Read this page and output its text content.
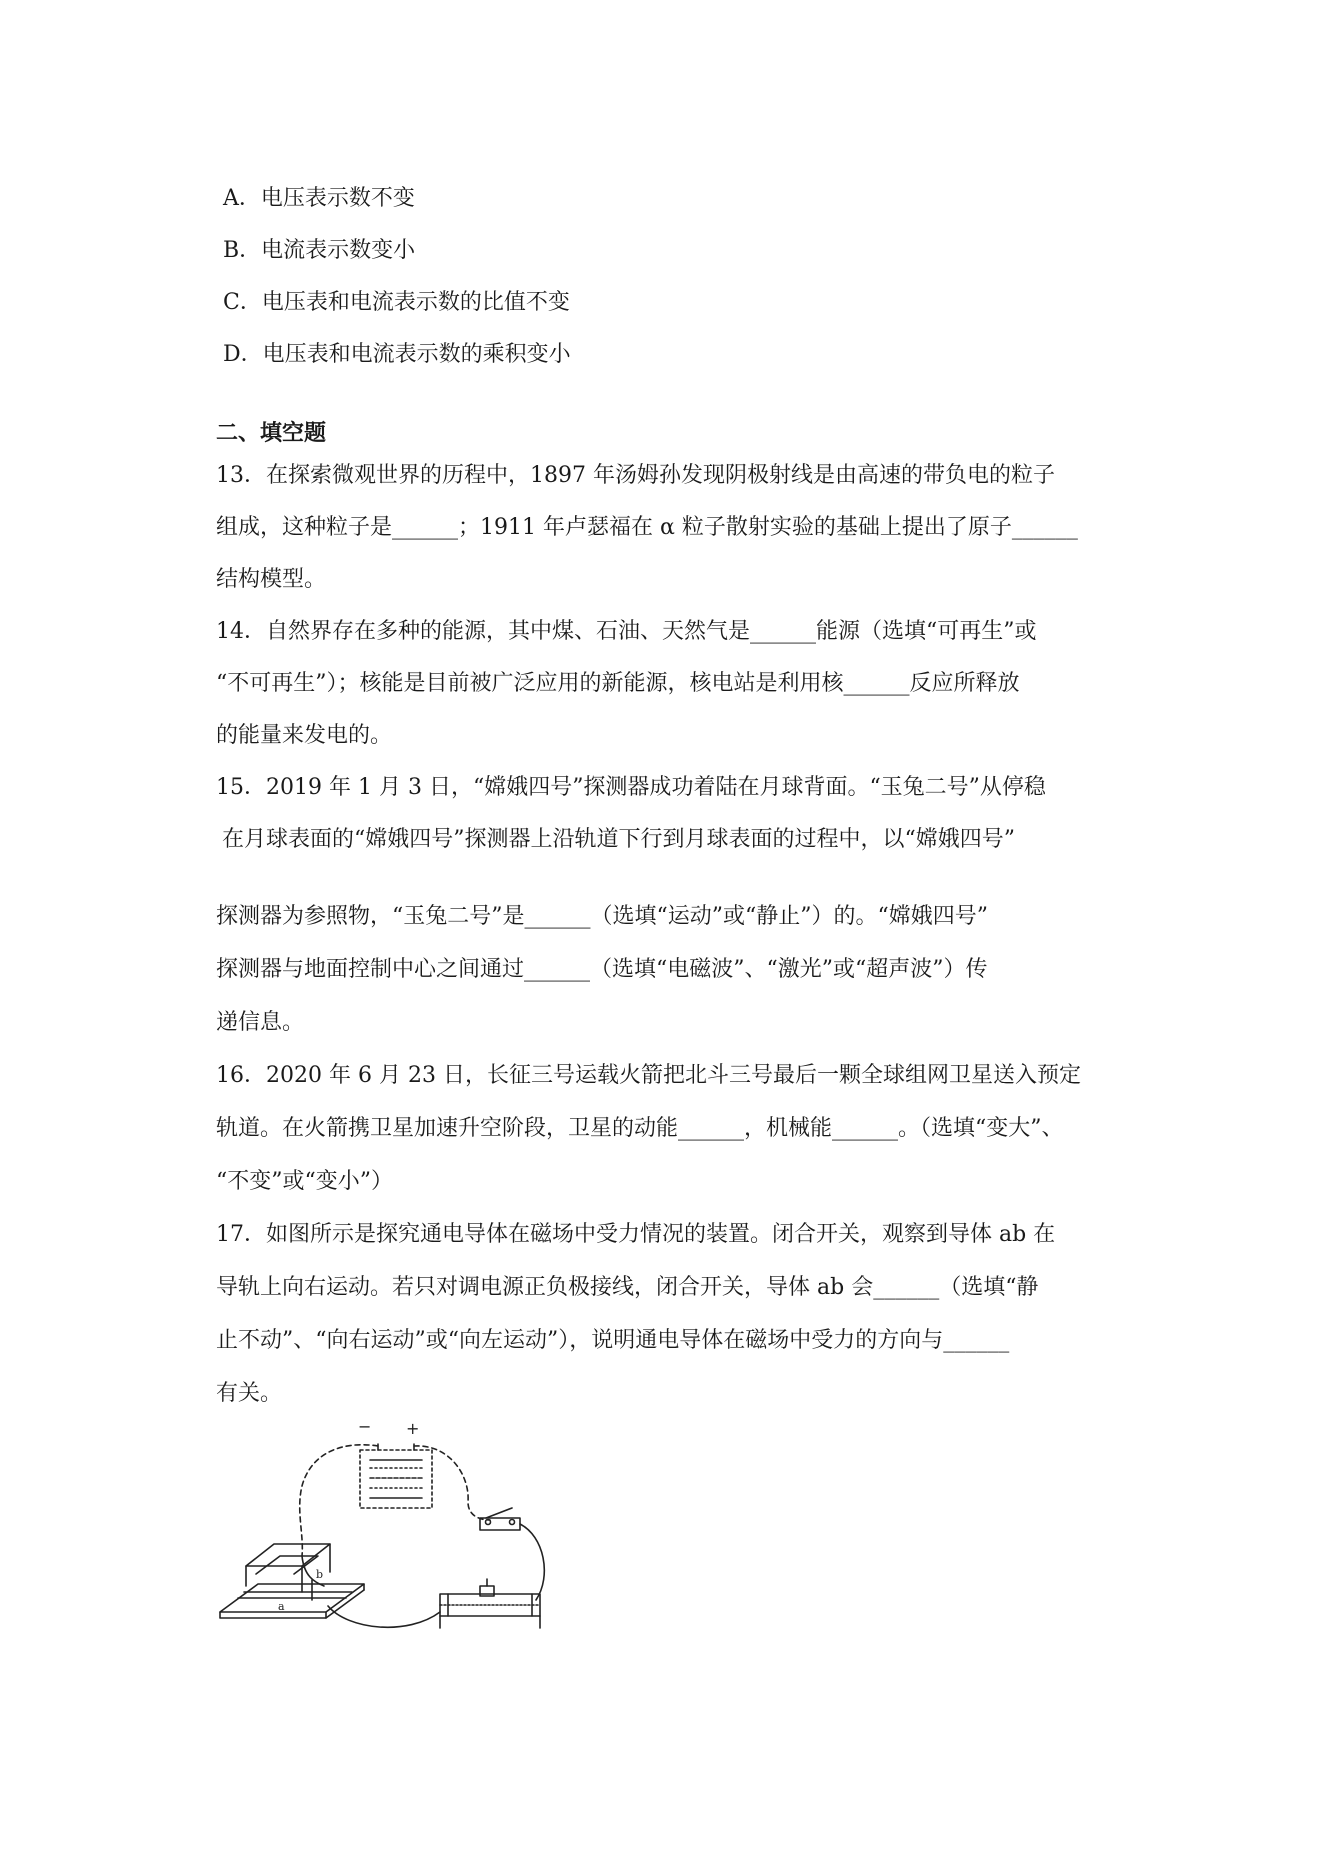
A．电压表示数不变
B．电流表示数变小
C．电压表和电流表示数的比值不变
D．电压表和电流表示数的乘积变小
二、填空题
13．在探索微观世界的历程中，1897 年汤姆孙发现阴极射线是由高速的带负电的粒子
组成，这种粒子是______；1911 年卢瑟福在 α 粒子散射实验的基础上提出了原子______
结构模型。
14．自然界存在多种的能源，其中煤、石油、天然气是______能源（选填“可再生”或
“不可再生”）；核能是目前被广泛应用的新能源，核电站是利用核______反应所释放
的能量来发电的。
15．2019 年 1 月 3 日，“嫦娥四号”探测器成功着陆在月球背面。“玉兔二号”从停稳
在月球表面的“嫦娥四号”探测器上沿轨道下行到月球表面的过程中，以“嫦娥四号”
探测器为参照物，“玉兔二号”是______（选填“运动”或“静止”）的。“嫦娥四号”
探测器与地面控制中心之间通过______（选填“电磁波”、“激光”或“超声波”）传
递信息。
16．2020 年 6 月 23 日，长征三号运载火箭把北斗三号最后一颗全球组网卫星送入预定
轨道。在火箭携卫星加速升空阶段，卫星的动能______，机械能______。（选填“变大”、
“不变”或“变小”）
17．如图所示是探究通电导体在磁场中受力情况的装置。闭合开关，观察到导体 ab 在
导轨上向右运动。若只对调电源正负极接线，闭合开关，导体 ab 会______（选填“静
止不动”、“向右运动”或“向左运动”），说明通电导体在磁场中受力的方向与______
有关。
− +
b
a
